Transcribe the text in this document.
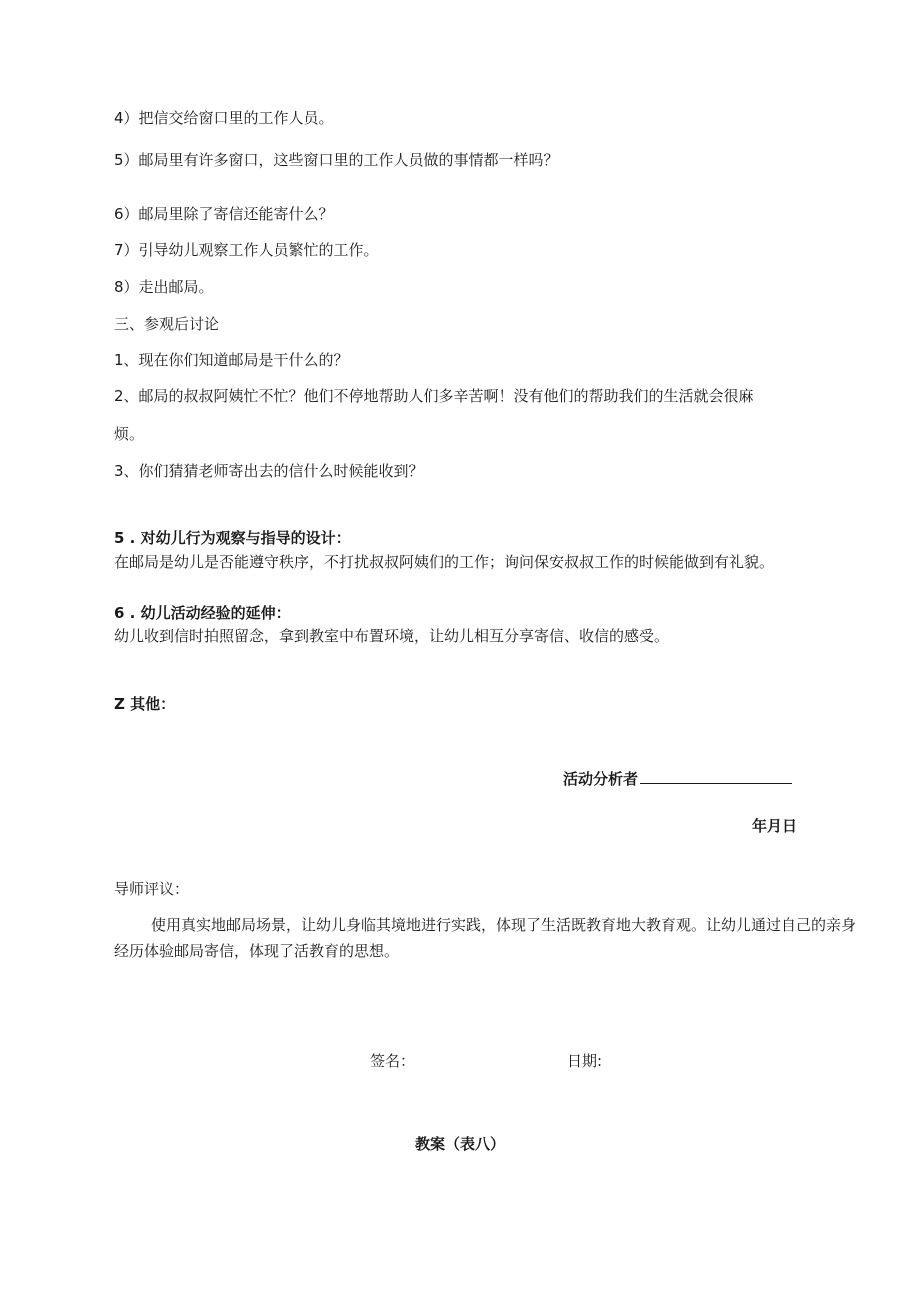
4）把信交给窗口里的工作人员。
5）邮局里有许多窗口，这些窗口里的工作人员做的事情都一样吗？
6）邮局里除了寄信还能寄什么？
7）引导幼儿观察工作人员繁忙的工作。
8）走出邮局。
三、参观后讨论
1、现在你们知道邮局是干什么的？
2、邮局的叔叔阿姨忙不忙？他们不停地帮助人们多辛苦啊！没有他们的帮助我们的生活就会很麻
烦。
3、你们猜猜老师寄出去的信什么时候能收到？
5 . 对幼儿行为观察与指导的设计：
在邮局是幼儿是否能遵守秩序，不打扰叔叔阿姨们的工作；询问保安叔叔工作的时候能做到有礼貌。
6 . 幼儿活动经验的延伸：
幼儿收到信时拍照留念，拿到教室中布置环境，让幼儿相互分享寄信、收信的感受。
Z 其他：
活动分析者
年月日
导师评议：
使用真实地邮局场景，让幼儿身临其境地进行实践，体现了生活既教育地大教育观。让幼儿通过自己的亲身经历体验邮局寄信，体现了活教育的思想。
签名：	日期:
教案（表八）
